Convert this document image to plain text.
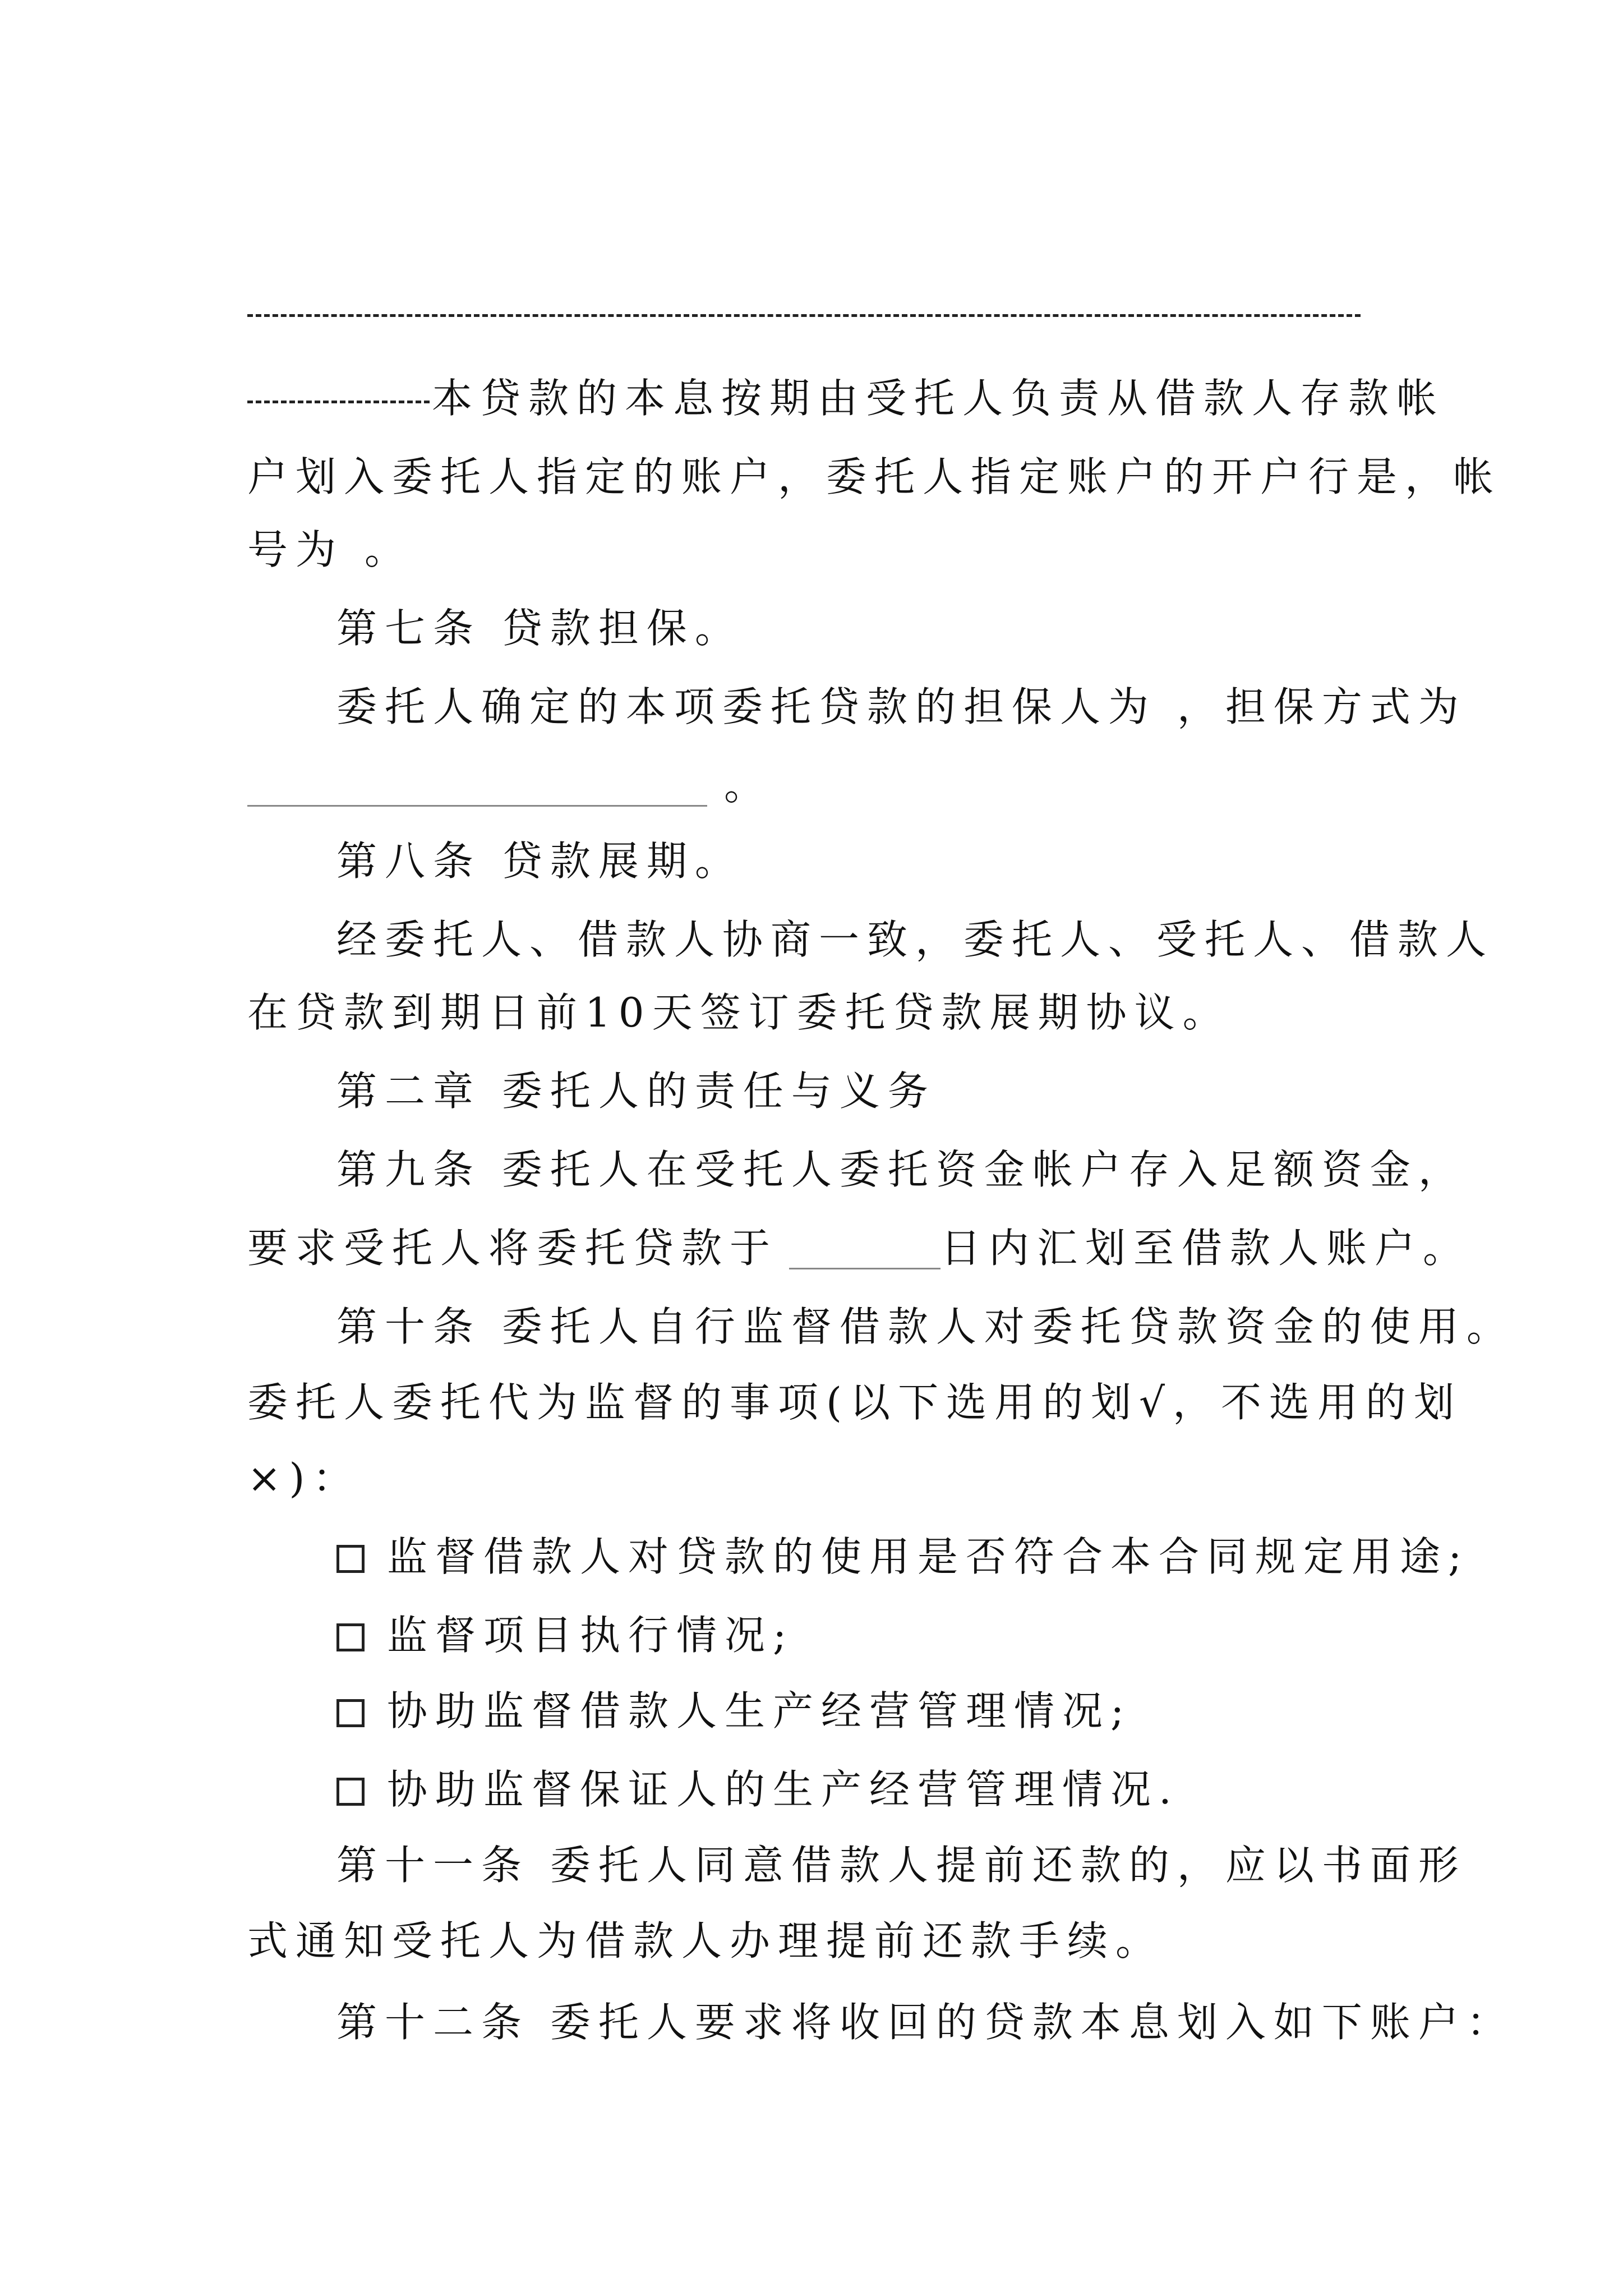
本贷款的本息按期由受托人负责从借款人存款帐
户划入委托人指定的账户，委托人指定账户的开户行是，帐
号为 。
第七条 贷款担保。
委托人确定的本项委托贷款的担保人为 ，担保方式为
。
第八条 贷款展期。
经委托人、借款人协商一致，委托人、受托人、借款人
在贷款到期日前10天签订委托贷款展期协议。
第二章 委托人的责任与义务
第九条 委托人在受托人委托资金帐户存入足额资金，
要求受托人将委托贷款于	日内汇划至借款人账户。
第十条 委托人自行监督借款人对委托贷款资金的使用。
委托人委托代为监督的事项(以下选用的划√，不选用的划
×)：
监督借款人对贷款的使用是否符合本合同规定用途;
监督项目执行情况;
协助监督借款人生产经营管理情况;
协助监督保证人的生产经营管理情况.
第十一条 委托人同意借款人提前还款的，应以书面形
式通知受托人为借款人办理提前还款手续。
第十二条 委托人要求将收回的贷款本息划入如下账户：
